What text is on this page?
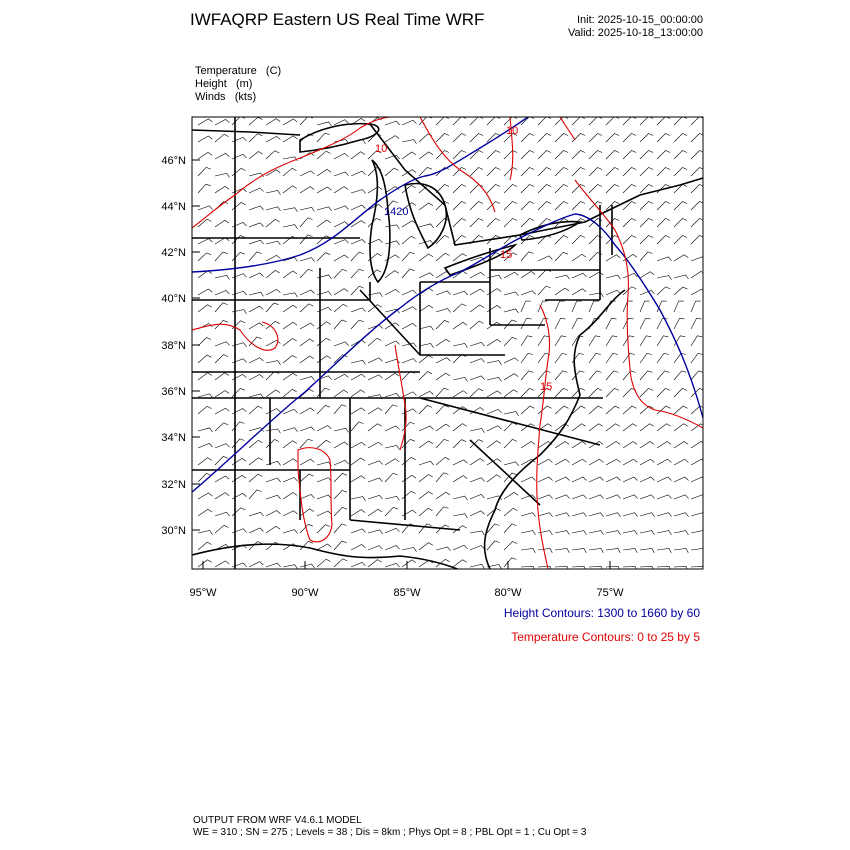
IWFAQRP Eastern US Real Time WRF	Init: 2025-10-15_00:00:00
Valid: 2025-10-18_13:00:00
Temperature   (C)
Height   (m)
Winds   (kts)
1420
10
10
15
15
46°N
44°N
42°N
40°N
38°N
36°N
34°N
32°N
30°N
95°W	90°W	85°W	80°W	75°W
Height Contours: 1300 to 1660 by 60
Temperature Contours: 0 to 25 by 5
OUTPUT FROM WRF V4.6.1 MODEL
WE = 310 ; SN = 275 ; Levels = 38 ; Dis = 8km ; Phys Opt = 8 ; PBL Opt = 1 ; Cu Opt = 3
